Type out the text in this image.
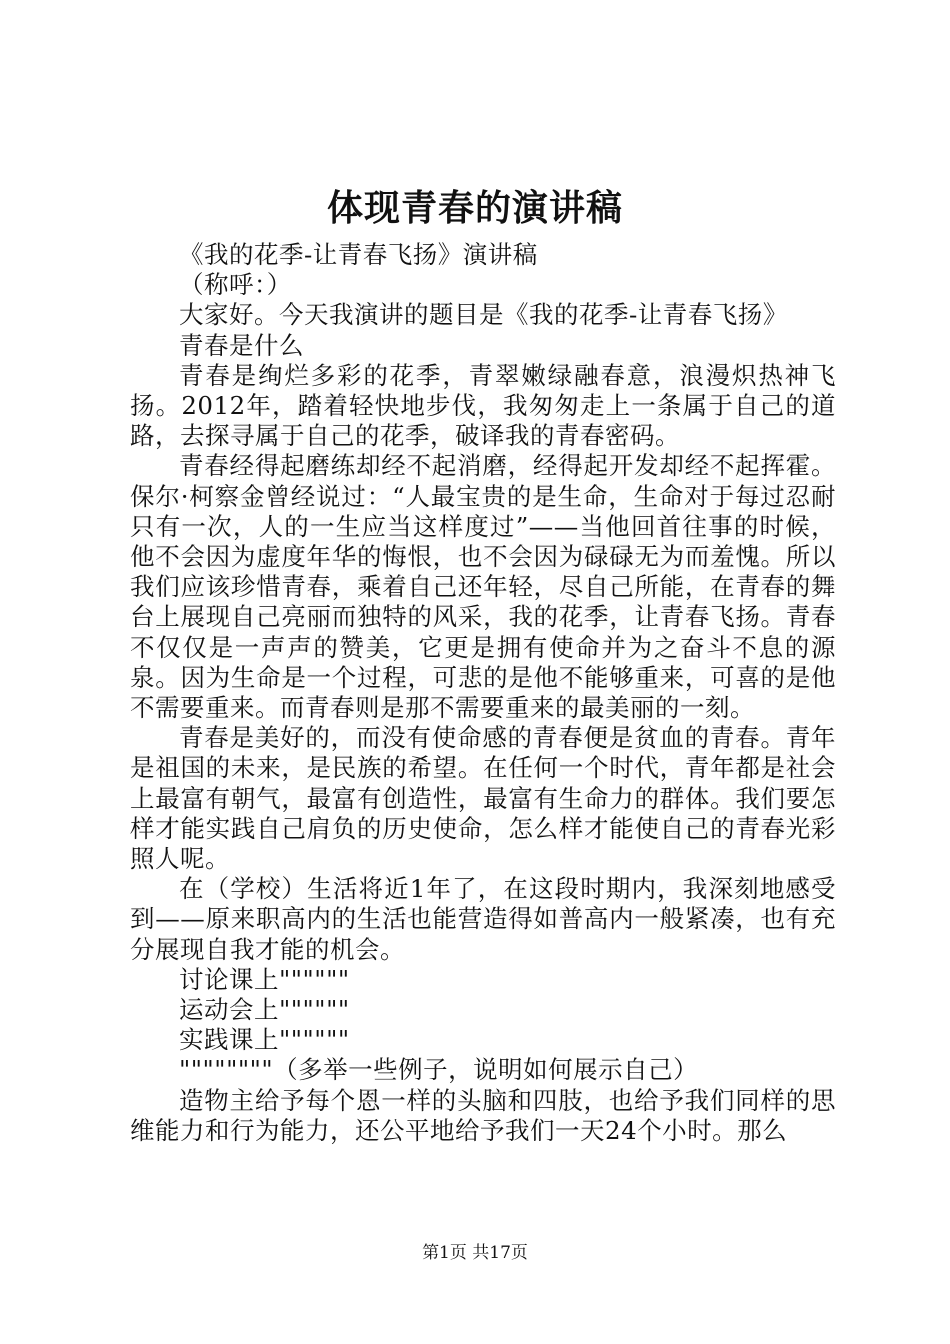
体现青春的演讲稿

《我的花季-让青春飞扬》演讲稿

（称呼：）

大家好。今天我演讲的题目是《我的花季-让青春飞扬》

青春是什么

青春是绚烂多彩的花季，青翠嫩绿融春意，浪漫炽热神飞扬。2012年，踏着轻快地步伐，我匆匆走上一条属于自己的道路，去探寻属于自己的花季，破译我的青春密码。

青春经得起磨练却经不起消磨，经得起开发却经不起挥霍。保尔·柯察金曾经说过：“人最宝贵的是生命，生命对于每过忍耐只有一次，人的一生应当这样度过”——当他回首往事的时候，他不会因为虚度年华的悔恨，也不会因为碌碌无为而羞愧。所以我们应该珍惜青春，乘着自己还年轻，尽自己所能，在青春的舞台上展现自己亮丽而独特的风采，我的花季，让青春飞扬。青春不仅仅是一声声的赞美，它更是拥有使命并为之奋斗不息的源泉。因为生命是一个过程，可悲的是他不能够重来，可喜的是他不需要重来。而青春则是那不需要重来的最美丽的一刻。

青春是美好的，而没有使命感的青春便是贫血的青春。青年是祖国的未来，是民族的希望。在任何一个时代，青年都是社会上最富有朝气，最富有创造性，最富有生命力的群体。我们要怎样才能实践自己肩负的历史使命，怎么样才能使自己的青春光彩照人呢。

在（学校）生活将近1年了，在这段时期内，我深刻地感受到——原来职高内的生活也能营造得如普高内一般紧凑，也有充分展现自我才能的机会。

讨论课上""""""

运动会上""""""

实践课上""""""

""""""""（多举一些例子，说明如何展示自己）

造物主给予每个恩一样的头脑和四肢，也给予我们同样的思维能力和行为能力，还公平地给予我们一天24个小时。那么

第1页 共17页
